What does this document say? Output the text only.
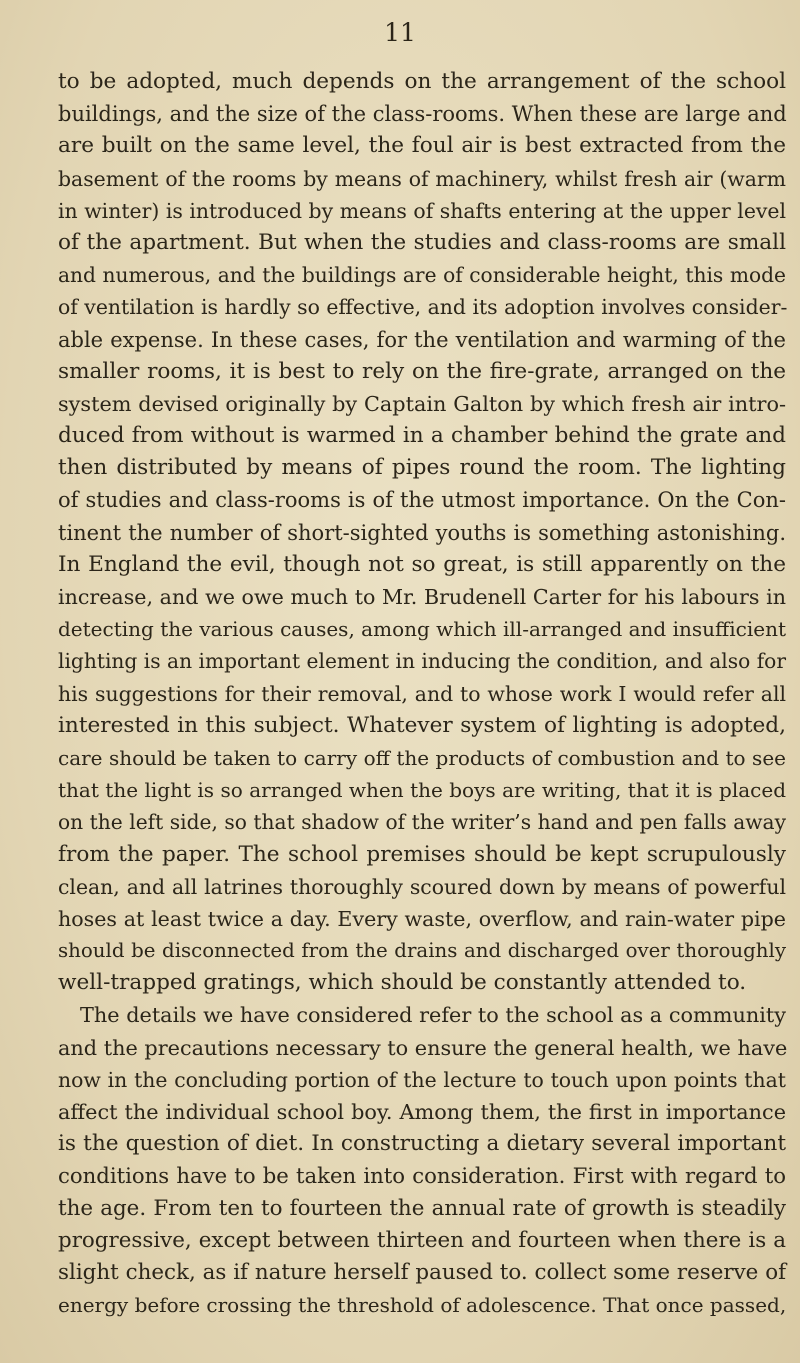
11
to be adopted, much depends on the arrangement of the school
buildings, and the size of the class-rooms. When these are large and
are built on the same level, the foul air is best extracted from the
basement of the rooms by means of machinery, whilst fresh air (warm
in winter) is introduced by means of shafts entering at the upper level
of the apartment. But when the studies and class-rooms are small
and numerous, and the buildings are of considerable height, this mode
of ventilation is hardly so effective, and its adoption involves consider-
able expense. In these cases, for the ventilation and warming of the
smaller rooms, it is best to rely on the fire-grate, arranged on the
system devised originally by Captain Galton by which fresh air intro-
duced from without is warmed in a chamber behind the grate and
then distributed by means of pipes round the room. The lighting
of studies and class-rooms is of the utmost importance. On the Con-
tinent the number of short-sighted youths is something astonishing.
In England the evil, though not so great, is still apparently on the
increase, and we owe much to Mr. Brudenell Carter for his labours in
detecting the various causes, among which ill-arranged and insufficient
lighting is an important element in inducing the condition, and also for
his suggestions for their removal, and to whose work I would refer all
interested in this subject. Whatever system of lighting is adopted,
care should be taken to carry off the products of combustion and to see
that the light is so arranged when the boys are writing, that it is placed
on the left side, so that shadow of the writer’s hand and pen falls away
from the paper. The school premises should be kept scrupulously
clean, and all latrines thoroughly scoured down by means of powerful
hoses at least twice a day. Every waste, overflow, and rain-water pipe
should be disconnected from the drains and discharged over thoroughly
well-trapped gratings, which should be constantly attended to.
The details we have considered refer to the school as a community
and the precautions necessary to ensure the general health, we have
now in the concluding portion of the lecture to touch upon points that
affect the individual school boy. Among them, the first in importance
is the question of diet. In constructing a dietary several important
conditions have to be taken into consideration. First with regard to
the age. From ten to fourteen the annual rate of growth is steadily
progressive, except between thirteen and fourteen when there is a
slight check, as if nature herself paused to. collect some reserve of
energy before crossing the threshold of adolescence. That once passed,
